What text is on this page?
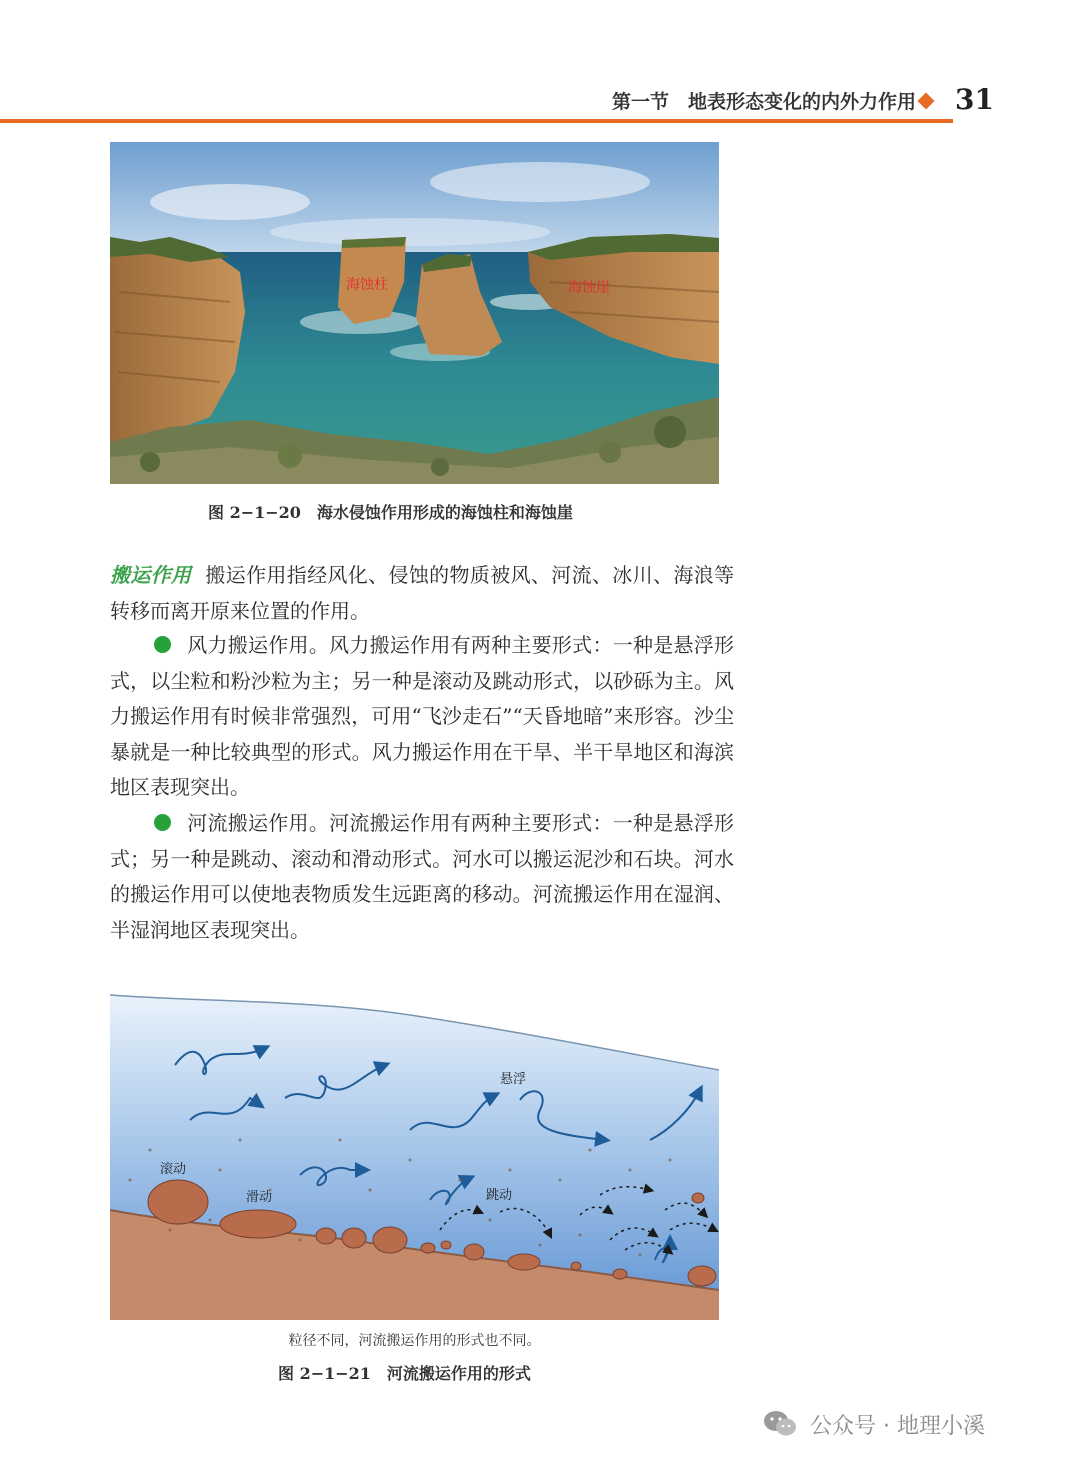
第一节　地表形态变化的内外力作用 31
海蚀柱	海蚀崖
图 2−1−20　海水侵蚀作用形成的海蚀柱和海蚀崖
搬运作用 搬运作用指经风化、侵蚀的物质被风、河流、冰川、海浪等转移而离开原来位置的作用。
风力搬运作用。风力搬运作用有两种主要形式：一种是悬浮形式，以尘粒和粉沙粒为主；另一种是滚动及跳动形式，以砂砾为主。风力搬运作用有时候非常强烈，可用“飞沙走石”“天昏地暗”来形容。沙尘暴就是一种比较典型的形式。风力搬运作用在干旱、半干旱地区和海滨地区表现突出。
河流搬运作用。河流搬运作用有两种主要形式：一种是悬浮形式；另一种是跳动、滚动和滑动形式。河水可以搬运泥沙和石块。河水的搬运作用可以使地表物质发生远距离的移动。河流搬运作用在湿润、半湿润地区表现突出。
悬浮
滚动
滑动	跳动
粒径不同，河流搬运作用的形式也不同。
图 2−1−21　河流搬运作用的形式
公众号 · 地理小溪
